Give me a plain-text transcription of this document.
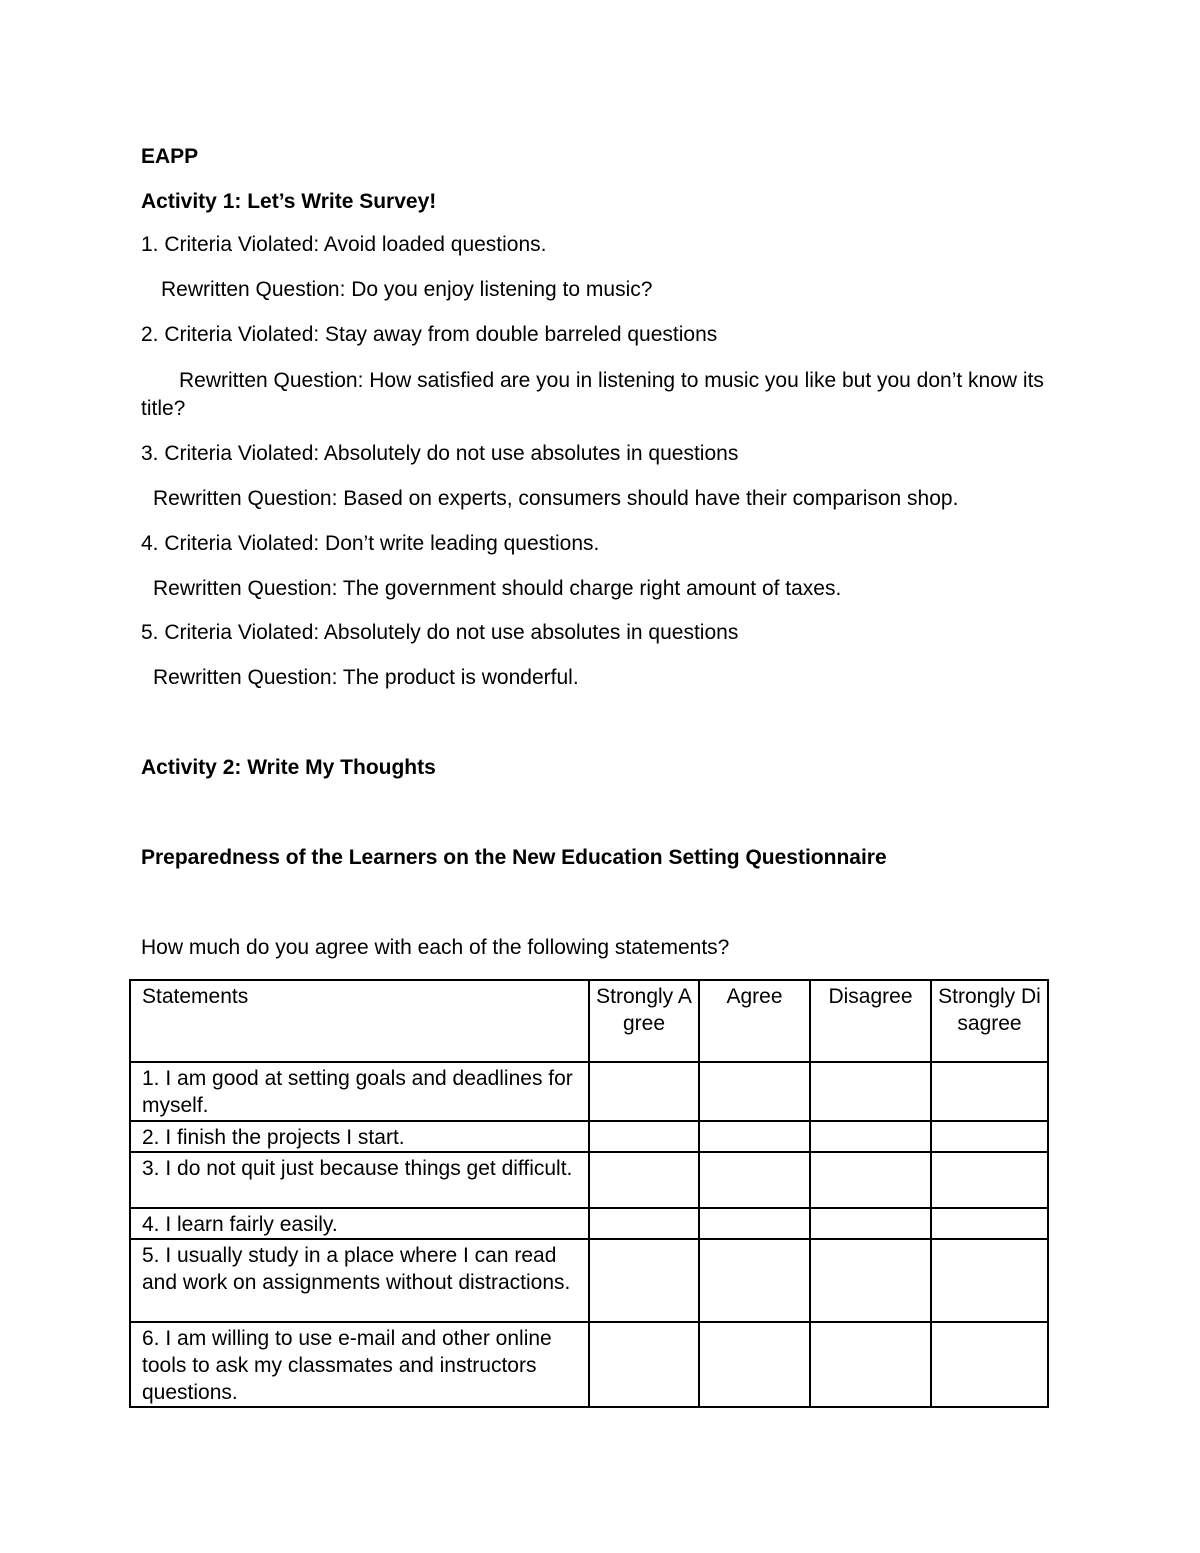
EAPP
Activity 1: Let’s Write Survey!
1. Criteria Violated: Avoid loaded questions.
Rewritten Question: Do you enjoy listening to music?
2. Criteria Violated: Stay away from double barreled questions
Rewritten Question: How satisfied are you in listening to music you like but you don’t know its title?
3. Criteria Violated: Absolutely do not use absolutes in questions
Rewritten Question: Based on experts, consumers should have their comparison shop.
4. Criteria Violated: Don’t write leading questions.
Rewritten Question: The government should charge right amount of taxes.
5. Criteria Violated: Absolutely do not use absolutes in questions
Rewritten Question: The product is wonderful.
Activity 2: Write My Thoughts
Preparedness of the Learners on the New Education Setting Questionnaire
How much do you agree with each of the following statements?
Statements	Strongly Agree	Agree	Disagree	Strongly Disagree
1. I am good at setting goals and deadlines for myself.				
2. I finish the projects I start.				
3. I do not quit just because things get difficult.				
4. I learn fairly easily.				
5. I usually study in a place where I can read and work on assignments without distractions.				
6. I am willing to use e-mail and other online tools to ask my classmates and instructors questions.				
